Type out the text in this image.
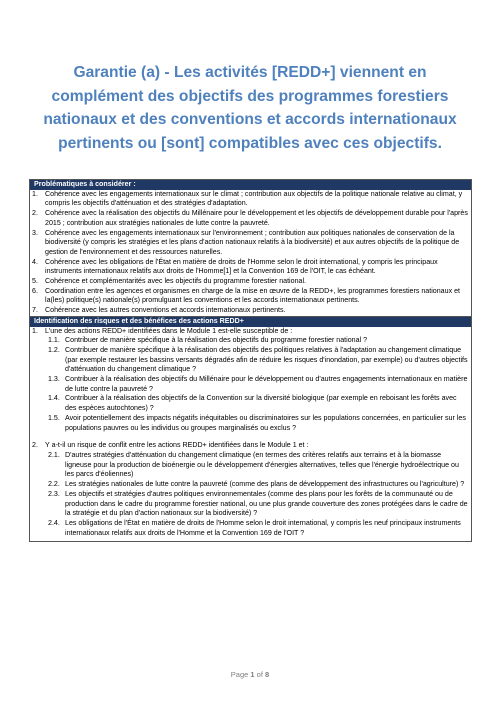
Garantie (a) - Les activités [REDD+] viennent en complément des objectifs des programmes forestiers nationaux et des conventions et accords internationaux pertinents ou [sont] compatibles avec ces objectifs.
Problématiques à considérer :
1. Cohérence avec les engagements internationaux sur le climat ; contribution aux objectifs de la politique nationale relative au climat, y compris les objectifs d'atténuation et des stratégies d'adaptation.
2. Cohérence avec la réalisation des objectifs du Millénaire pour le développement et les objectifs de développement durable pour l'après 2015 ; contribution aux stratégies nationales de lutte contre la pauvreté.
3. Cohérence avec les engagements internationaux sur l'environnement ; contribution aux politiques nationales de conservation de la biodiversité (y compris les stratégies et les plans d'action nationaux relatifs à la biodiversité) et aux autres objectifs de la politique de gestion de l'environnement et des ressources naturelles.
4. Cohérence avec les obligations de l'État en matière de droits de l'Homme selon le droit international, y compris les principaux instruments internationaux relatifs aux droits de l'Homme[1] et la Convention 169 de l'OIT, le cas échéant.
5. Cohérence et complémentarités avec les objectifs du programme forestier national.
6. Coordination entre les agences et organismes en charge de la mise en œuvre de la REDD+, les programmes forestiers nationaux et la(les) politique(s) nationale(s) promulguant les conventions et les accords internationaux pertinents.
7. Cohérence avec les autres conventions et accords internationaux pertinents.
Identification des risques et des bénéfices des actions REDD+
1. L'une des actions REDD+ identifiées dans le Module 1 est-elle susceptible de :
1.1. Contribuer de manière spécifique à la réalisation des objectifs du programme forestier national ?
1.2. Contribuer de manière spécifique à la réalisation des objectifs des politiques relatives à l'adaptation au changement climatique (par exemple restaurer les bassins versants dégradés afin de réduire les risques d'inondation, par exemple) ou d'autres objectifs d'atténuation du changement climatique ?
1.3. Contribuer à la réalisation des objectifs du Millénaire pour le développement ou d'autres engagements internationaux en matière de lutte contre la pauvreté ?
1.4. Contribuer à la réalisation des objectifs de la Convention sur la diversité biologique (par exemple en reboisant les forêts avec des espèces autochtones) ?
1.5. Avoir potentiellement des impacts négatifs inéquitables ou discriminatoires sur les populations concernées, en particulier sur les populations pauvres ou les individus ou groupes marginalisés ou exclus ?
2. Y a-t-il un risque de conflit entre les actions REDD+ identifiées dans le Module 1 et :
2.1. D'autres stratégies d'atténuation du changement climatique (en termes des critères relatifs aux terrains et à la biomasse ligneuse pour la production de bioénergie ou le développement d'énergies alternatives, telles que l'énergie hydroélectrique ou les parcs d'éoliennes)
2.2. Les stratégies nationales de lutte contre la pauvreté (comme des plans de développement des infrastructures ou l'agriculture) ?
2.3. Les objectifs et stratégies d'autres politiques environnementales (comme des plans pour les forêts de la communauté ou de production dans le cadre du programme forestier national, ou une plus grande couverture des zones protégées dans le cadre de la stratégie et du plan d'action nationaux sur la biodiversité) ?
2.4. Les obligations de l'État en matière de droits de l'Homme selon le droit international, y compris les neuf principaux instruments internationaux relatifs aux droits de l'Homme et la Convention 169 de l'OIT ?
Page 1 of 8
